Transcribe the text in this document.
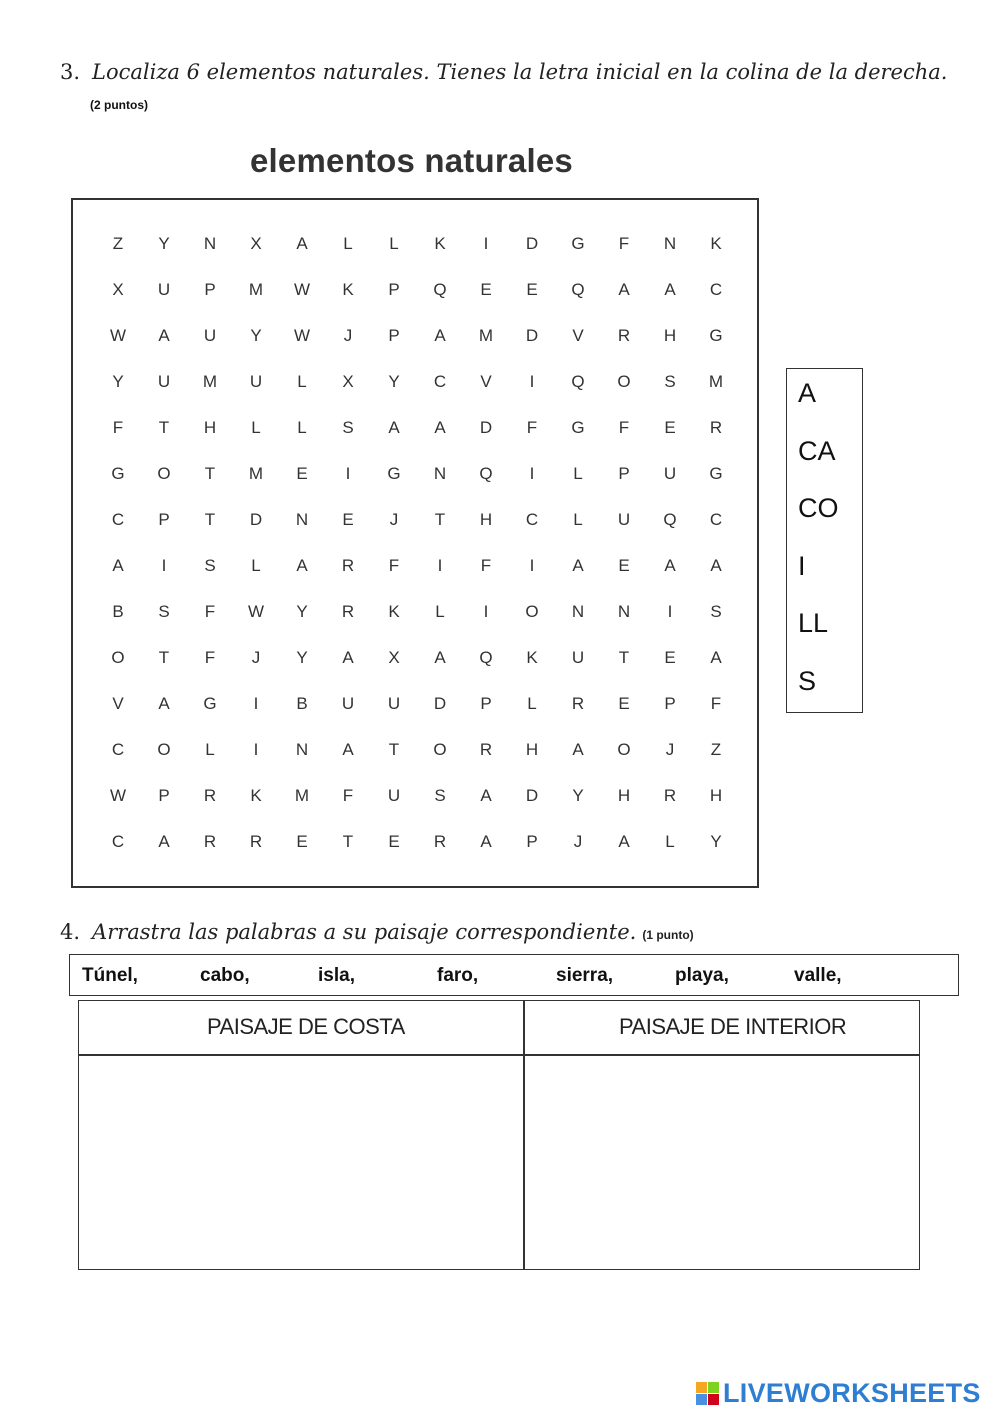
3. Localiza 6 elementos naturales. Tienes la letra inicial en la colina de la derecha.
(2 puntos)
elementos naturales
Z	Y	N	X	A	L	L	K	I	D	G	F	N	K
X	U	P	M	W	K	P	Q	E	E	Q	A	A	C
W	A	U	Y	W	J	P	A	M	D	V	R	H	G
Y	U	M	U	L	X	Y	C	V	I	Q	O	S	M
F	T	H	L	L	S	A	A	D	F	G	F	E	R
G	O	T	M	E	I	G	N	Q	I	L	P	U	G
C	P	T	D	N	E	J	T	H	C	L	U	Q	C
A	I	S	L	A	R	F	I	F	I	A	E	A	A
B	S	F	W	Y	R	K	L	I	O	N	N	I	S
O	T	F	J	Y	A	X	A	Q	K	U	T	E	A
V	A	G	I	B	U	U	D	P	L	R	E	P	F
C	O	L	I	N	A	T	O	R	H	A	O	J	Z
W	P	R	K	M	F	U	S	A	D	Y	H	R	H
C	A	R	R	E	T	E	R	A	P	J	A	L	Y
A
CA
CO
I
LL
S
4. Arrastra las palabras a su paisaje correspondiente. (1 punto)
Túnel,	cabo,	isla,	faro,	sierra,	playa,	valle,
PAISAJE DE COSTA	PAISAJE DE INTERIOR
LIVEWORKSHEETS
